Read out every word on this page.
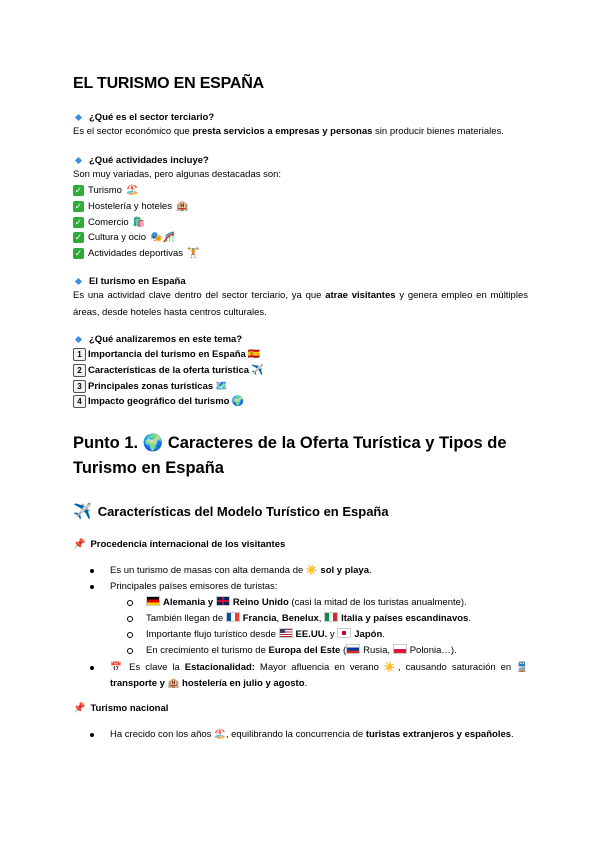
EL TURISMO EN ESPAÑA
¿Qué es el sector terciario?
Es el sector económico que presta servicios a empresas y personas sin producir bienes materiales.
¿Qué actividades incluye?
Son muy variadas, pero algunas destacadas son:
✓ Turismo 🏖️
✓ Hostelería y hoteles 🏨
✓ Comercio 🛍️
✓ Cultura y ocio 🎭🎢
✓ Actividades deportivas 🏋️
El turismo en España
Es una actividad clave dentro del sector terciario, ya que atrae visitantes y genera empleo en múltiples áreas, desde hoteles hasta centros culturales.
¿Qué analizaremos en este tema?
1 Importancia del turismo en España 🇪🇸
2 Características de la oferta turística ✈️
3 Principales zonas turísticas 🗺️
4 Impacto geográfico del turismo 🌍
Punto 1. 🌍 Caracteres de la Oferta Turística y Tipos de Turismo en España
✈️ Características del Modelo Turístico en España
📌 Procedencia internacional de los visitantes
Es un turismo de masas con alta demanda de ☀️ sol y playa.
Principales países emisores de turistas:
Alemania y
Reino Unido (casi la mitad de los turistas anualmente).
También llegan de Francia, Benelux, Italia y países escandinavos.
Importante flujo turístico desde
EE.UU. y Japón.
En crecimiento el turismo de Europa del Este ( Rusia, Polonia…).
📅 Es clave la Estacionalidad: Mayor afluencia en verano ☀️, causando saturación en 🚆 transporte y 🏨 hostelería en julio y agosto.
📌 Turismo nacional
Ha crecido con los años 🏖️, equilibrando la concurrencia de turistas extranjeros y españoles.
